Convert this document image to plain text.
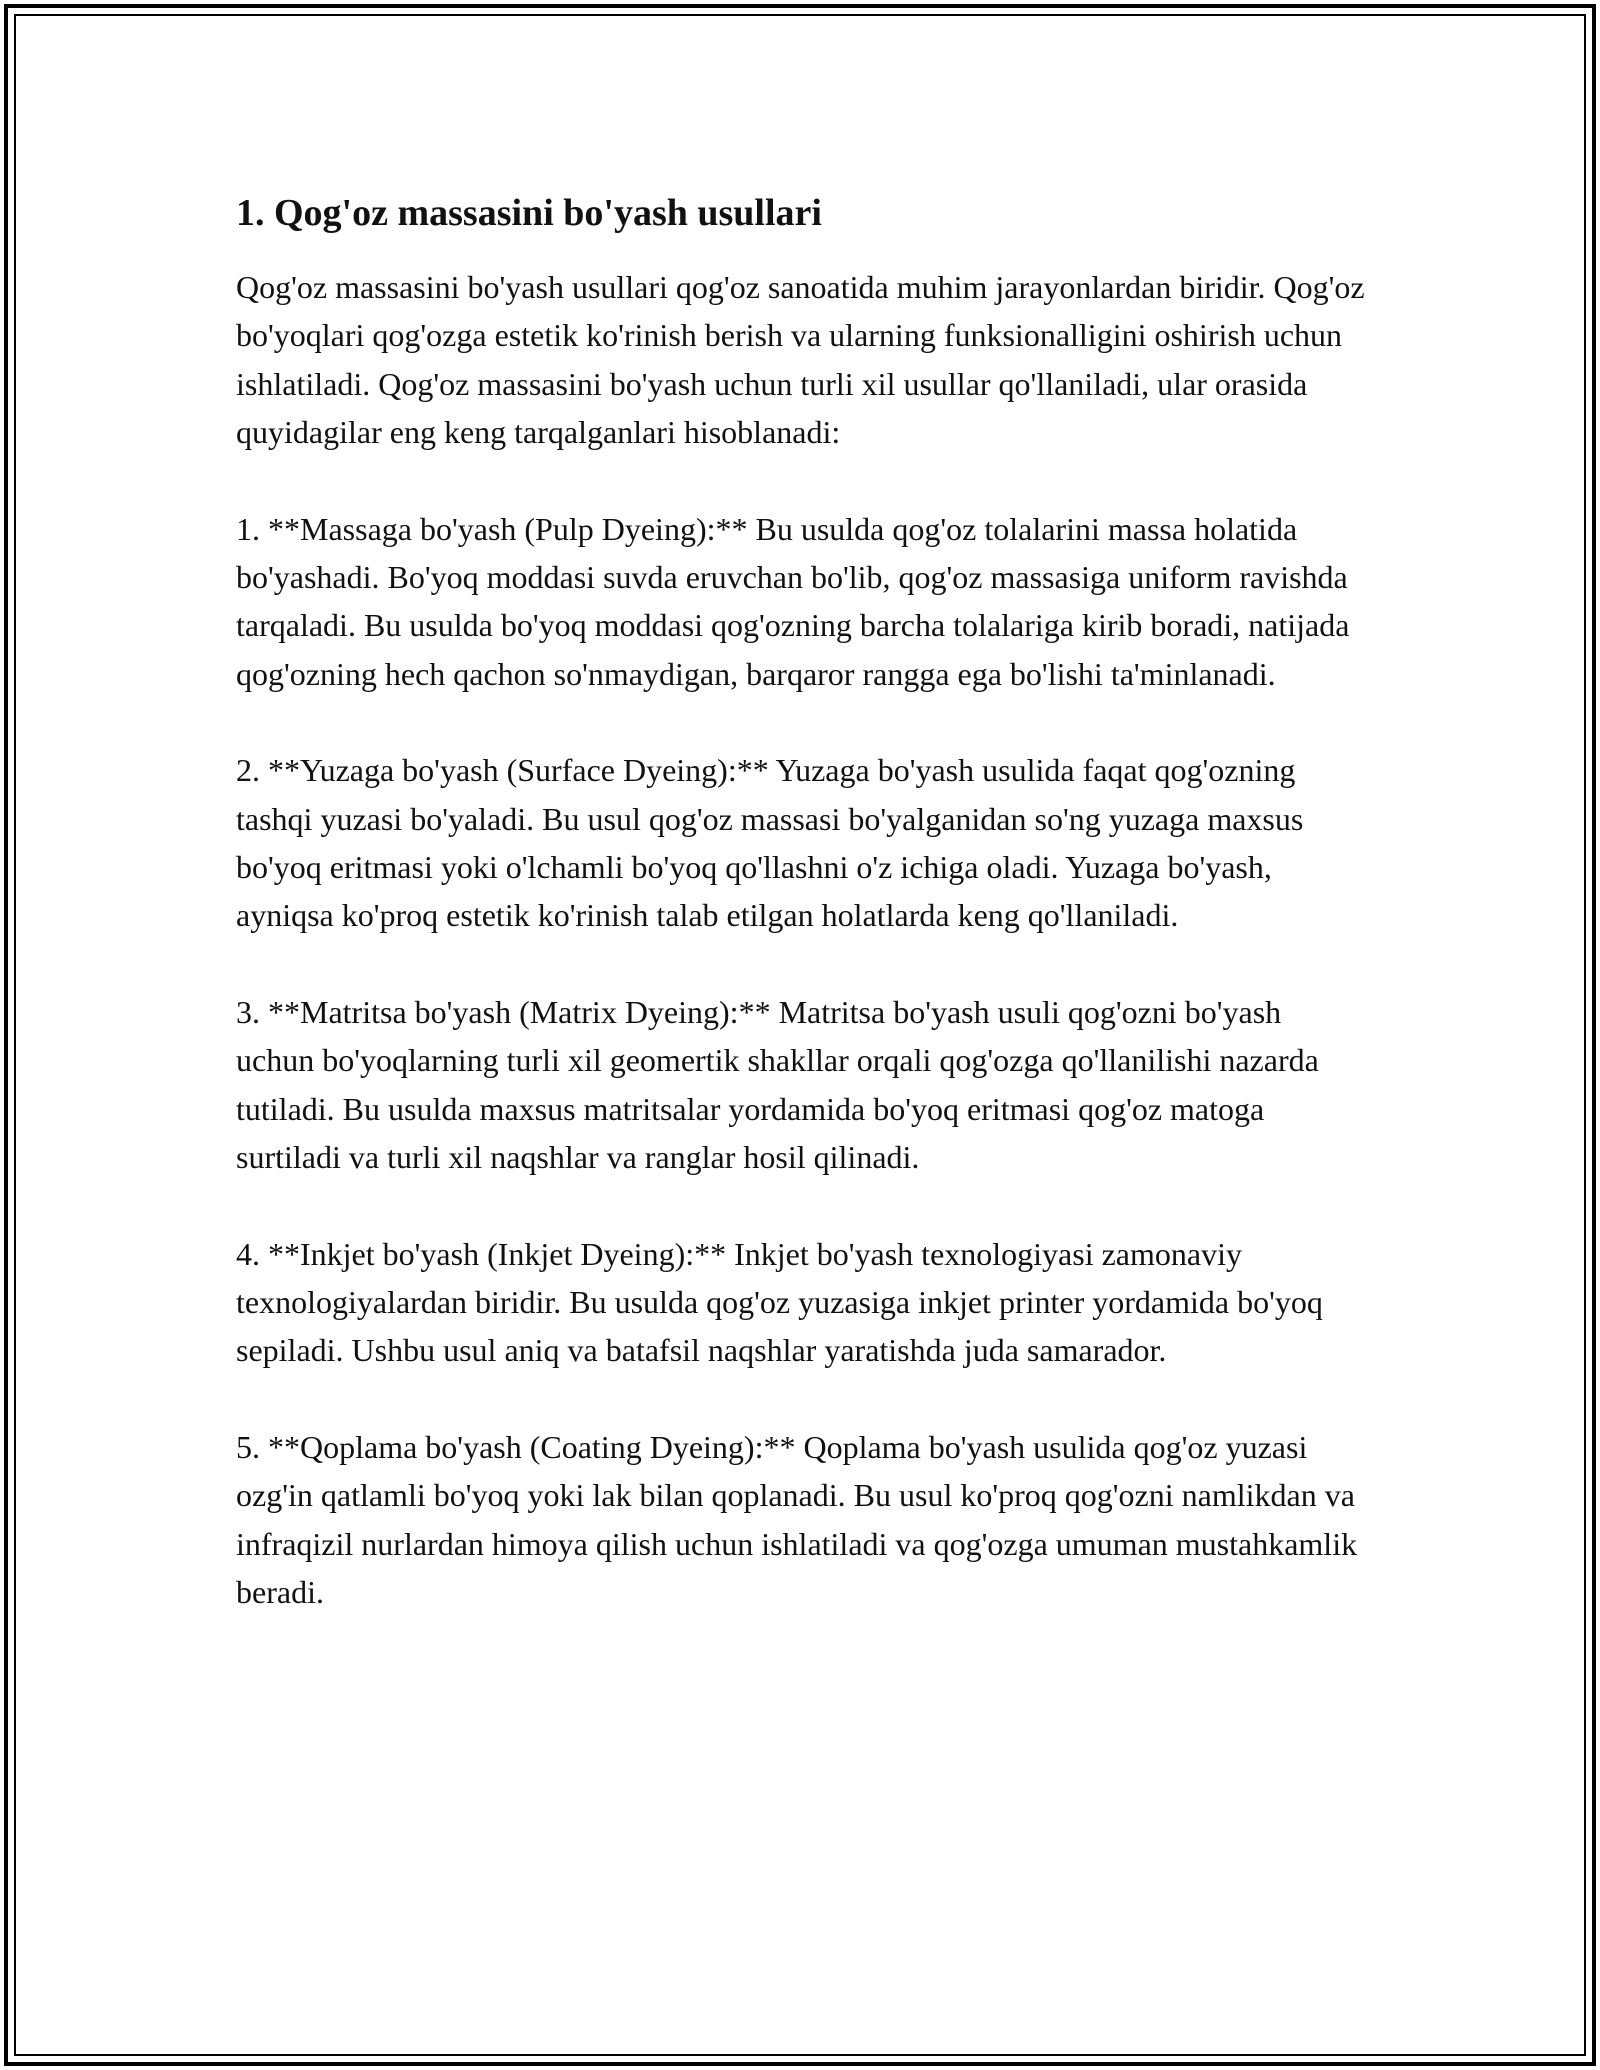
1. Qog'oz massasini bo'yash usullari

Qog'oz massasini bo'yash usullari qog'oz sanoatida muhim jarayonlardan biridir. Qog'oz bo'yoqlari qog'ozga estetik ko'rinish berish va ularning funksionalligini oshirish uchun ishlatiladi. Qog'oz massasini bo'yash uchun turli xil usullar qo'llaniladi, ular orasida quyidagilar eng keng tarqalganlari hisoblanadi:

1. **Massaga bo'yash (Pulp Dyeing):** Bu usulda qog'oz tolalarini massa holatida bo'yashadi. Bo'yoq moddasi suvda eruvchan bo'lib, qog'oz massasiga uniform ravishda tarqaladi. Bu usulda bo'yoq moddasi qog'ozning barcha tolalariga kirib boradi, natijada qog'ozning hech qachon so'nmaydigan, barqaror rangga ega bo'lishi ta'minlanadi.

2. **Yuzaga bo'yash (Surface Dyeing):** Yuzaga bo'yash usulida faqat qog'ozning tashqi yuzasi bo'yaladi. Bu usul qog'oz massasi bo'yalganidan so'ng yuzaga maxsus bo'yoq eritmasi yoki o'lchamli bo'yoq qo'llashni o'z ichiga oladi. Yuzaga bo'yash, ayniqsa ko'proq estetik ko'rinish talab etilgan holatlarda keng qo'llaniladi.

3. **Matritsa bo'yash (Matrix Dyeing):** Matritsa bo'yash usuli qog'ozni bo'yash uchun bo'yoqlarning turli xil geomertik shakllar orqali qog'ozga qo'llanilishi nazarda tutiladi. Bu usulda maxsus matritsalar yordamida bo'yoq eritmasi qog'oz matoga surtiladi va turli xil naqshlar va ranglar hosil qilinadi.

4. **Inkjet bo'yash (Inkjet Dyeing):** Inkjet bo'yash texnologiyasi zamonaviy texnologiyalardan biridir. Bu usulda qog'oz yuzasiga inkjet printer yordamida bo'yoq sepiladi. Ushbu usul aniq va batafsil naqshlar yaratishda juda samarador.

5. **Qoplama bo'yash (Coating Dyeing):** Qoplama bo'yash usulida qog'oz yuzasi ozg'in qatlamli bo'yoq yoki lak bilan qoplanadi. Bu usul ko'proq qog'ozni namlikdan va infraqizil nurlardan himoya qilish uchun ishlatiladi va qog'ozga umuman mustahkamlik beradi.
